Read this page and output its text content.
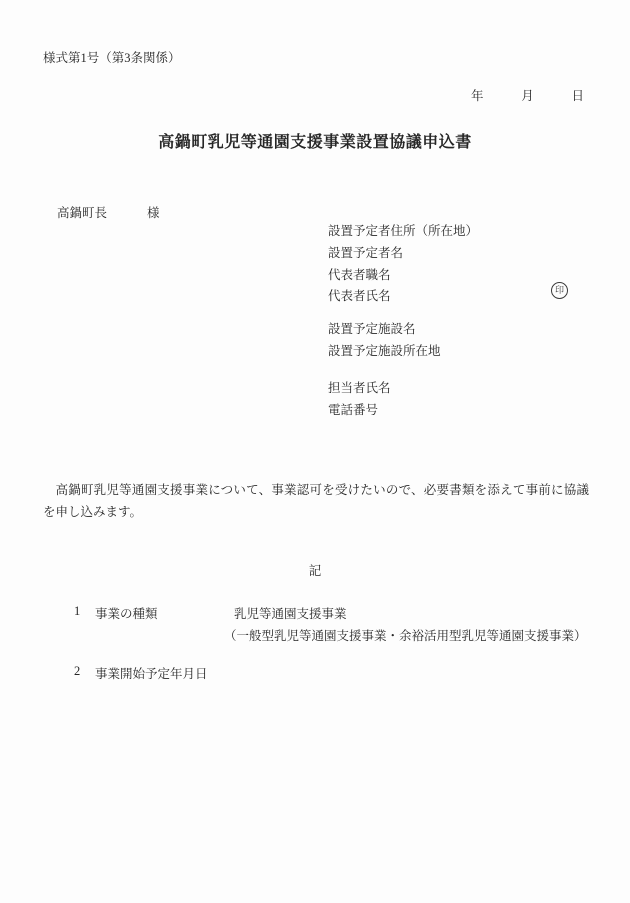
様式第1号（第3条関係）
年	月	日
高鍋町乳児等通園支援事業設置協議申込書
高鍋町長	様
設置予定者住所（所在地）
設置予定者名
代表者職名
代表者氏名	印
設置予定施設名
設置予定施設所在地
担当者氏名
電話番号
高鍋町乳児等通園支援事業について、事業認可を受けたいので、必要書類を添えて事前に協議を申し込みます。
記
1 事業の種類	乳児等通園支援事業
（一般型乳児等通園支援事業・余裕活用型乳児等通園支援事業）
2 事業開始予定年月日
